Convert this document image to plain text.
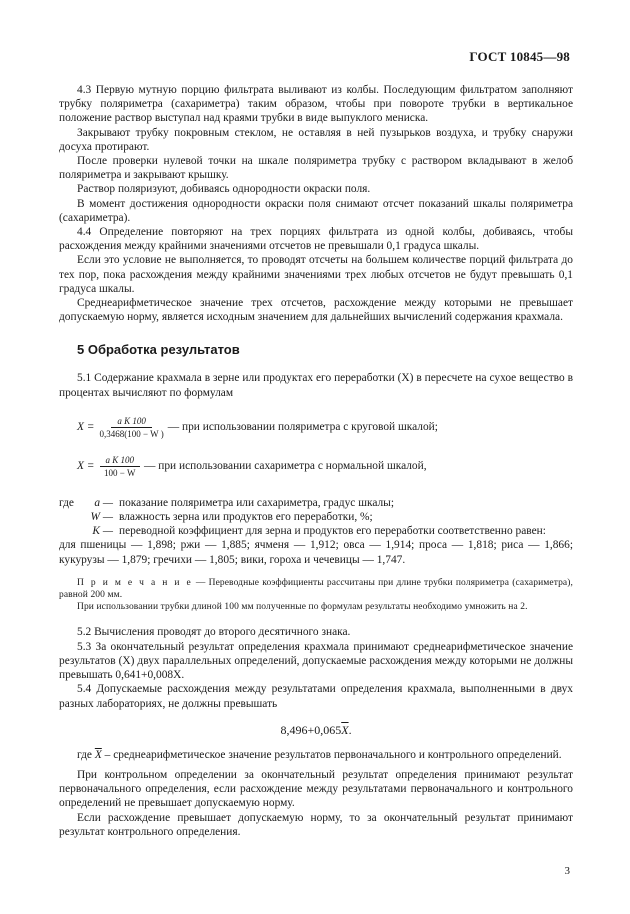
ГОСТ 10845—98

4.3 Первую мутную порцию фильтрата выливают из колбы. Последующим фильтратом заполняют трубку поляриметра (сахариметра) таким образом, чтобы при повороте трубки в вертикальное положение раствор выступал над краями трубки в виде выпуклого мениска.

Закрывают трубку покровным стеклом, не оставляя в ней пузырьков воздуха, и трубку снаружи досуха протирают.

После проверки нулевой точки на шкале поляриметра трубку с раствором вкладывают в желоб поляриметра и закрывают крышку.

Раствор поляризуют, добиваясь однородности окраски поля.

В момент достижения однородности окраски поля снимают отсчет показаний шкалы поляриметра (сахариметра).

4.4 Определение повторяют на трех порциях фильтрата из одной колбы, добиваясь, чтобы расхождения между крайними значениями отсчетов не превышали 0,1 градуса шкалы.

Если это условие не выполняется, то проводят отсчеты на большем количестве порций фильтрата до тех пор, пока расхождения между крайними значениями трех любых отсчетов не будут превышать 0,1 градуса шкалы.

Среднеарифметическое значение трех отсчетов, расхождение между которыми не превышает допускаемую норму, является исходным значением для дальнейших вычислений содержания крахмала.

5 Обработка результатов

5.1 Содержание крахмала в зерне или продуктах его переработки (X) в пересчете на сухое вещество в процентах вычисляют по формулам

$X = \frac{\text{a K 100}}{0,3468(100 - W )}$ — при использовании поляриметра с круговой шкалой;
$X = \frac{\text{a K 100}}{100 - W}$ — при использовании сахариметра с нормальной шкалой,
где	a — показание поляриметра или сахариметра, градус шкалы;
W — влажность зерна или продуктов его переработки, %;
K — переводной коэффициент для зерна и продуктов его переработки соответственно равен:

для пшеницы — 1,898; ржи — 1,885; ячменя — 1,912; овса — 1,914; проса — 1,818; риса — 1,866; кукурузы — 1,879; гречихи — 1,805; вики, гороха и чечевицы — 1,747.

П р и м е ч а н и е — Переводные коэффициенты рассчитаны при длине трубки поляриметра (сахариметра), равной 200 мм.

При использовании трубки длиной 100 мм полученные по формулам результаты необходимо умножить на 2.

5.2 Вычисления проводят до второго десятичного знака.

5.3 За окончательный результат определения крахмала принимают среднеарифметическое значение результатов (X) двух параллельных определений, допускаемые расхождения между которыми не должны превышать 0,641+0,008X.

5.4 Допускаемые расхождения между результатами определения крахмала, выполненными в двух разных лабораториях, не должны превышать

$8,496+0,065\overline{X}$.

где $\overline{X}$ – среднеарифметическое значение результатов первоначального и контрольного определений.

При контрольном определении за окончательный результат определения принимают результат первоначального определения, если расхождение между результатами первоначального и контрольного определений не превышает допускаемую норму.

Если расхождение превышает допускаемую норму, то за окончательный результат принимают результат контрольного определения.

3
